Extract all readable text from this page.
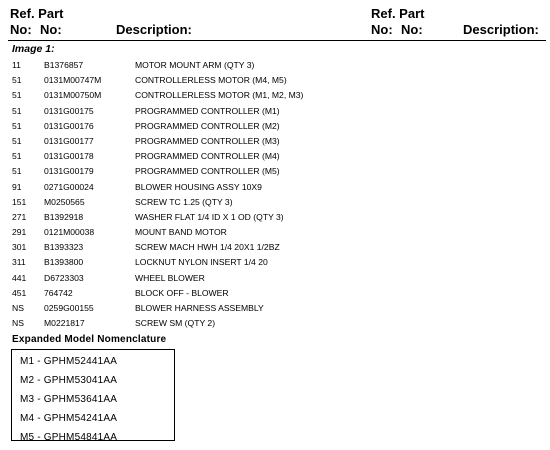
Ref. Part
No: No:	Description:
Ref. Part
No: No:	Description:
Image 1:
11	B1376857	MOTOR MOUNT ARM (QTY 3)
51	0131M00747M	CONTROLLERLESS MOTOR (M4, M5)
51	0131M00750M	CONTROLLERLESS MOTOR (M1, M2, M3)
51	0131G00175	PROGRAMMED CONTROLLER (M1)
51	0131G00176	PROGRAMMED CONTROLLER (M2)
51	0131G00177	PROGRAMMED CONTROLLER (M3)
51	0131G00178	PROGRAMMED CONTROLLER (M4)
51	0131G00179	PROGRAMMED CONTROLLER (M5)
91	0271G00024	BLOWER HOUSING ASSY 10X9
151 M0250565	SCREW TC 1.25 (QTY 3)
271 B1392918	WASHER FLAT 1/4 ID X 1 OD (QTY 3)
291 0121M00038	MOUNT BAND MOTOR
301 B1393323	SCREW MACH HWH 1/4 20X1 1/2BZ
311 B1393800	LOCKNUT NYLON INSERT 1/4 20
441 D6723303	WHEEL BLOWER
451 764742	BLOCK OFF - BLOWER
NS 0259G00155	BLOWER HARNESS ASSEMBLY
NS M0221817	SCREW SM (QTY 2)
Expanded Model Nomenclature
M1 - GPHM52441AA
M2 - GPHM53041AA
M3 - GPHM53641AA
M4 - GPHM54241AA
M5 - GPHM54841AA
